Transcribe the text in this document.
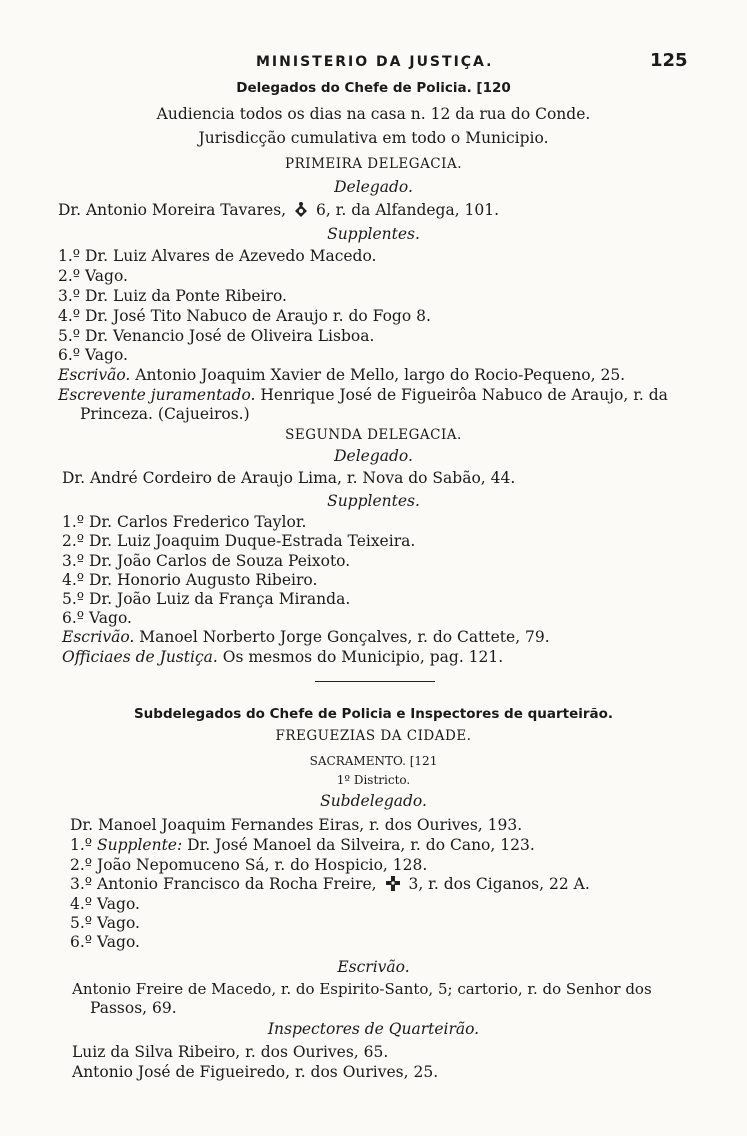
MINISTERIO DA JUSTIÇA.	125
Delegados do Chefe de Policia. [120
Audiencia todos os dias na casa n. 12 da rua do Conde.
Jurisdicção cumulativa em todo o Municipio.
PRIMEIRA DELEGACIA.
Delegado.
Dr. Antonio Moreira Tavares, 6, r. da Alfandega, 101.
Supplentes.
1.º Dr. Luiz Alvares de Azevedo Macedo.
2.º Vago.
3.º Dr. Luiz da Ponte Ribeiro.
4.º Dr. José Tito Nabuco de Araujo r. do Fogo 8.
5.º Dr. Venancio José de Oliveira Lisboa.
6.º Vago.
Escrivão. Antonio Joaquim Xavier de Mello, largo do Rocio-Pequeno, 25.
Escrevente juramentado. Henrique José de Figueirôa Nabuco de Araujo, r. da
Princeza. (Cajueiros.)
SEGUNDA DELEGACIA.
Delegado.
Dr. André Cordeiro de Araujo Lima, r. Nova do Sabão, 44.
Supplentes.
1.º Dr. Carlos Frederico Taylor.
2.º Dr. Luiz Joaquim Duque-Estrada Teixeira.
3.º Dr. João Carlos de Souza Peixoto.
4.º Dr. Honorio Augusto Ribeiro.
5.º Dr. João Luiz da França Miranda.
6.º Vago.
Escrivão. Manoel Norberto Jorge Gonçalves, r. do Cattete, 79.
Officiaes de Justiça. Os mesmos do Municipio, pag. 121.
Subdelegados do Chefe de Policia e Inspectores de quarteirão.
FREGUEZIAS DA CIDADE.
SACRAMENTO. [121
1º Districto.
Subdelegado.
Dr. Manoel Joaquim Fernandes Eiras, r. dos Ourives, 193.
1.º Supplente: Dr. José Manoel da Silveira, r. do Cano, 123.
2.º João Nepomuceno Sá, r. do Hospicio, 128.
3.º Antonio Francisco da Rocha Freire, 3, r. dos Ciganos, 22 A.
4.º Vago.
5.º Vago.
6.º Vago.
Escrivão.
Antonio Freire de Macedo, r. do Espirito-Santo, 5; cartorio, r. do Senhor dos
Passos, 69.
Inspectores de Quarteirão.
Luiz da Silva Ribeiro, r. dos Ourives, 65.
Antonio José de Figueiredo, r. dos Ourives, 25.
